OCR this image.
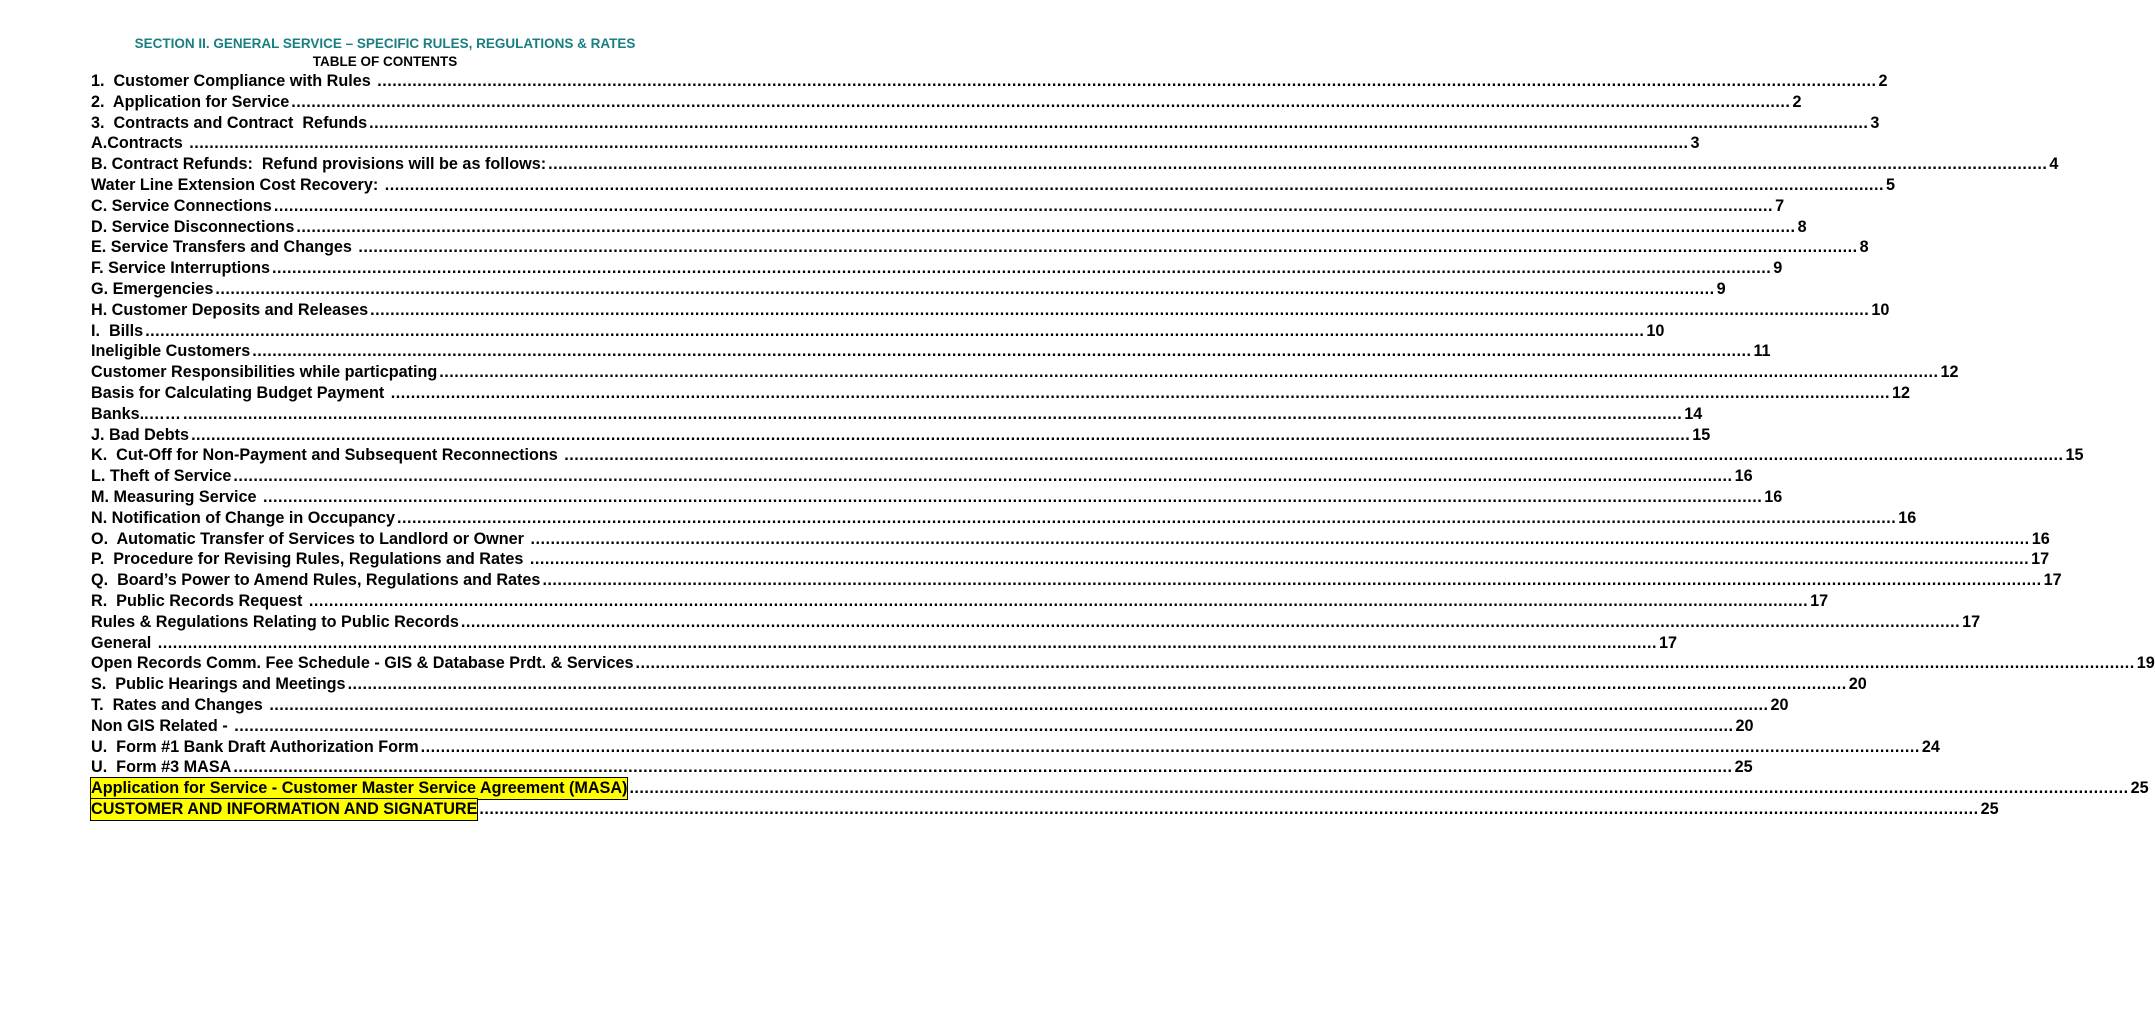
SECTION II. GENERAL SERVICE – SPECIFIC RULES, REGULATIONS & RATES
TABLE OF CONTENTS
1.  Customer Compliance with Rules ............................................................................................................................................................................................................................................................................................................ 2
2.  Application for Service ............................................................................................................................................................................................................................................................................................................ 2
3.  Contracts and Contract  Refunds ............................................................................................................................................................................................................................................................................................................ 3
A.Contracts ............................................................................................................................................................................................................................................................................................................ 3
B. Contract Refunds:  Refund provisions will be as follows: ............................................................................................................................................................................................................................................................................................................ 4
Water Line Extension Cost Recovery: ............................................................................................................................................................................................................................................................................................................ 5
C. Service Connections ............................................................................................................................................................................................................................................................................................................ 7
D. Service Disconnections ............................................................................................................................................................................................................................................................................................................ 8
E. Service Transfers and Changes ............................................................................................................................................................................................................................................................................................................ 8
F. Service Interruptions ............................................................................................................................................................................................................................................................................................................ 9
G. Emergencies ............................................................................................................................................................................................................................................................................................................ 9
H. Customer Deposits and Releases ............................................................................................................................................................................................................................................................................................................ 10
I.  Bills ............................................................................................................................................................................................................................................................................................................ 10
Ineligible Customers ............................................................................................................................................................................................................................................................................................................ 11
Customer Responsibilities while particpating ............................................................................................................................................................................................................................................................................................................ 12
Basis for Calculating Budget Payment ............................................................................................................................................................................................................................................................................................................ 12
Banks..…… ............................................................................................................................................................................................................................................................................................................ 14
J. Bad Debts ............................................................................................................................................................................................................................................................................................................ 15
K.  Cut-Off for Non-Payment and Subsequent Reconnections ............................................................................................................................................................................................................................................................................................................ 15
L. Theft of Service ............................................................................................................................................................................................................................................................................................................ 16
M. Measuring Service ............................................................................................................................................................................................................................................................................................................ 16
N. Notification of Change in Occupancy ............................................................................................................................................................................................................................................................................................................ 16
O.  Automatic Transfer of Services to Landlord or Owner ............................................................................................................................................................................................................................................................................................................ 16
P.  Procedure for Revising Rules, Regulations and Rates ............................................................................................................................................................................................................................................................................................................ 17
Q.  Board’s Power to Amend Rules, Regulations and Rates ............................................................................................................................................................................................................................................................................................................ 17
R.  Public Records Request ............................................................................................................................................................................................................................................................................................................ 17
Rules & Regulations Relating to Public Records ............................................................................................................................................................................................................................................................................................................ 17
General ............................................................................................................................................................................................................................................................................................................ 17
Open Records Comm. Fee Schedule - GIS & Database Prdt. & Services ............................................................................................................................................................................................................................................................................................................ 19
S.  Public Hearings and Meetings ............................................................................................................................................................................................................................................................................................................ 20
T.  Rates and Changes ............................................................................................................................................................................................................................................................................................................ 20
Non GIS Related - ............................................................................................................................................................................................................................................................................................................ 20
U.  Form #1 Bank Draft Authorization Form ............................................................................................................................................................................................................................................................................................................ 24
U.  Form #3 MASA ............................................................................................................................................................................................................................................................................................................ 25
Application for Service - Customer Master Service Agreement (MASA) ............................................................................................................................................................................................................................................................................................................ 25
CUSTOMER AND INFORMATION AND SIGNATURE ............................................................................................................................................................................................................................................................................................................ 25
